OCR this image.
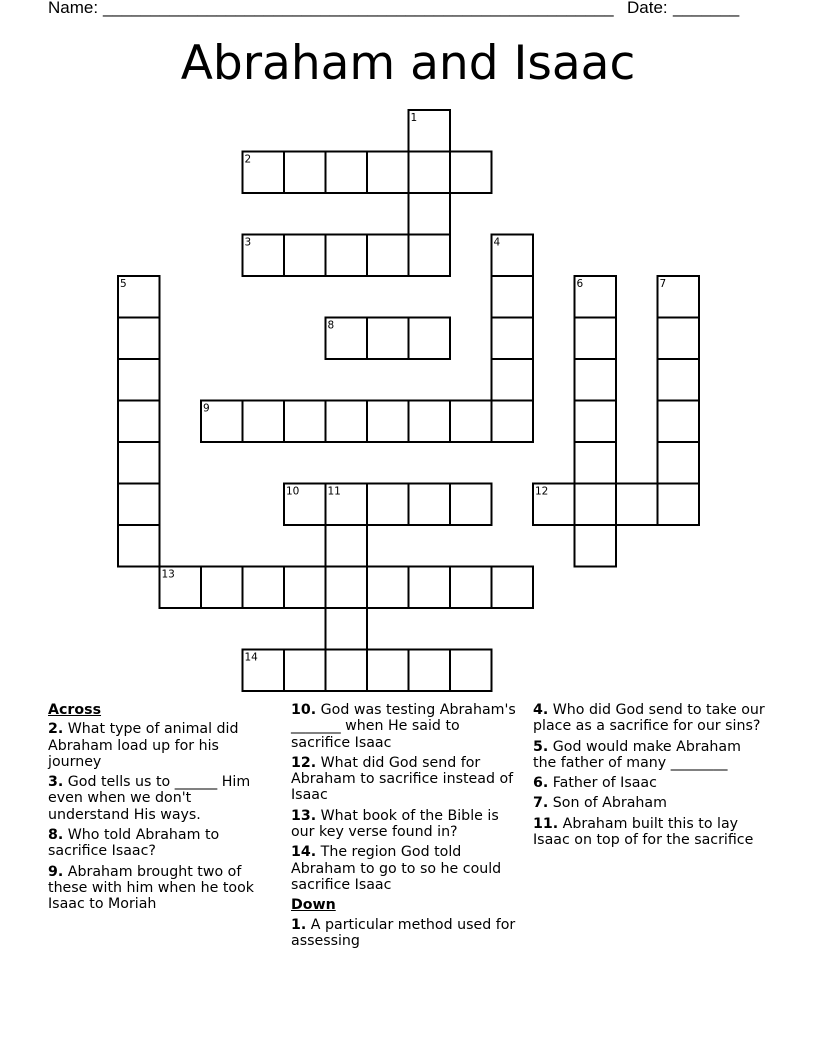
Name: ______________________________________________________ Date: _______
Abraham and Isaac
1
2
3	4
5	6	7
8
9
10	11	12
13
14
Across
2. What type of animal did Abraham load up for his journey
3. God tells us to ______ Him even when we don't understand His ways.
8. Who told Abraham to sacrifice Isaac?
9. Abraham brought two of these with him when he took Isaac to Moriah
10. God was testing Abraham's _______ when He said to sacrifice Isaac
12. What did God send for Abraham to sacrifice instead of Isaac
13. What book of the Bible is our key verse found in?
14. The region God told Abraham to go to so he could sacrifice Isaac
Down
1. A particular method used for assessing
4. Who did God send to take our place as a sacrifice for our sins?
5. God would make Abraham the father of many ________
6. Father of Isaac
7. Son of Abraham
11. Abraham built this to lay Isaac on top of for the sacrifice
